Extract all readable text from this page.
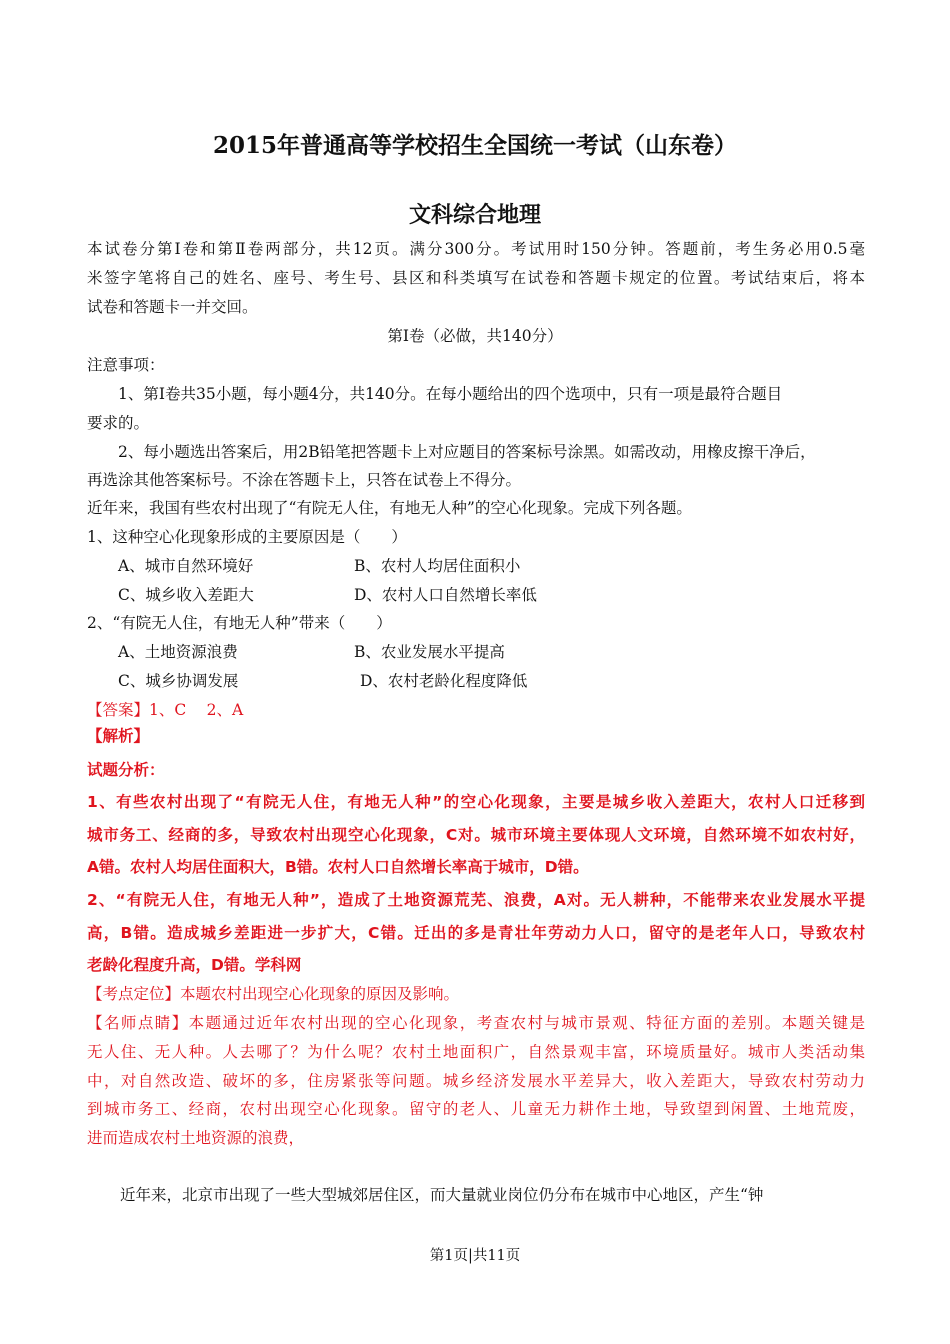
2015年普通高等学校招生全国统一考试（山东卷）
文科综合地理
本试卷分第Ⅰ卷和第Ⅱ卷两部分，共12页。满分300分。考试用时150分钟。答题前，考生务必用0.5毫
米签字笔将自己的姓名、座号、考生号、县区和科类填写在试卷和答题卡规定的位置。考试结束后，将本
试卷和答题卡一并交回。
第Ⅰ卷（必做，共140分）
注意事项：
1、第Ⅰ卷共35小题，每小题4分，共140分。在每小题给出的四个选项中，只有一项是最符合题目
要求的。
2、每小题选出答案后，用2B铅笔把答题卡上对应题目的答案标号涂黑。如需改动，用橡皮擦干净后，
再选涂其他答案标号。不涂在答题卡上，只答在试卷上不得分。
近年来，我国有些农村出现了“有院无人住，有地无人种”的空心化现象。完成下列各题。
1、这种空心化现象形成的主要原因是（　　）
A、城市自然环境好	B、农村人均居住面积小
C、城乡收入差距大	D、农村人口自然增长率低
2、“有院无人住，有地无人种”带来（　　）
A、土地资源浪费	B、农业发展水平提高
C、城乡协调发展	D、农村老龄化程度降低
【答案】1、C　 2、A
【解析】
试题分析：
1、有些农村出现了“有院无人住，有地无人种”的空心化现象，主要是城乡收入差距大，农村人口迁移到
城市务工、经商的多，导致农村出现空心化现象，C对。城市环境主要体现人文环境，自然环境不如农村好，
A错。农村人均居住面积大，B错。农村人口自然增长率高于城市，D错。
2、“有院无人住，有地无人种”，造成了土地资源荒芜、浪费，A对。无人耕种，不能带来农业发展水平提
高，B错。造成城乡差距进一步扩大，C错。迁出的多是青壮年劳动力人口，留守的是老年人口，导致农村
老龄化程度升高，D错。学科网
【考点定位】本题农村出现空心化现象的原因及影响。
【名师点睛】本题通过近年农村出现的空心化现象，考查农村与城市景观、特征方面的差别。本题关键是
无人住、无人种。人去哪了？为什么呢？农村土地面积广，自然景观丰富，环境质量好。城市人类活动集
中，对自然改造、破坏的多，住房紧张等问题。城乡经济发展水平差异大，收入差距大，导致农村劳动力
到城市务工、经商，农村出现空心化现象。留守的老人、儿童无力耕作土地，导致望到闲置、土地荒废，
进而造成农村土地资源的浪费，
近年来，北京市出现了一些大型城郊居住区，而大量就业岗位仍分布在城市中心地区，产生“钟
第1页|共11页
